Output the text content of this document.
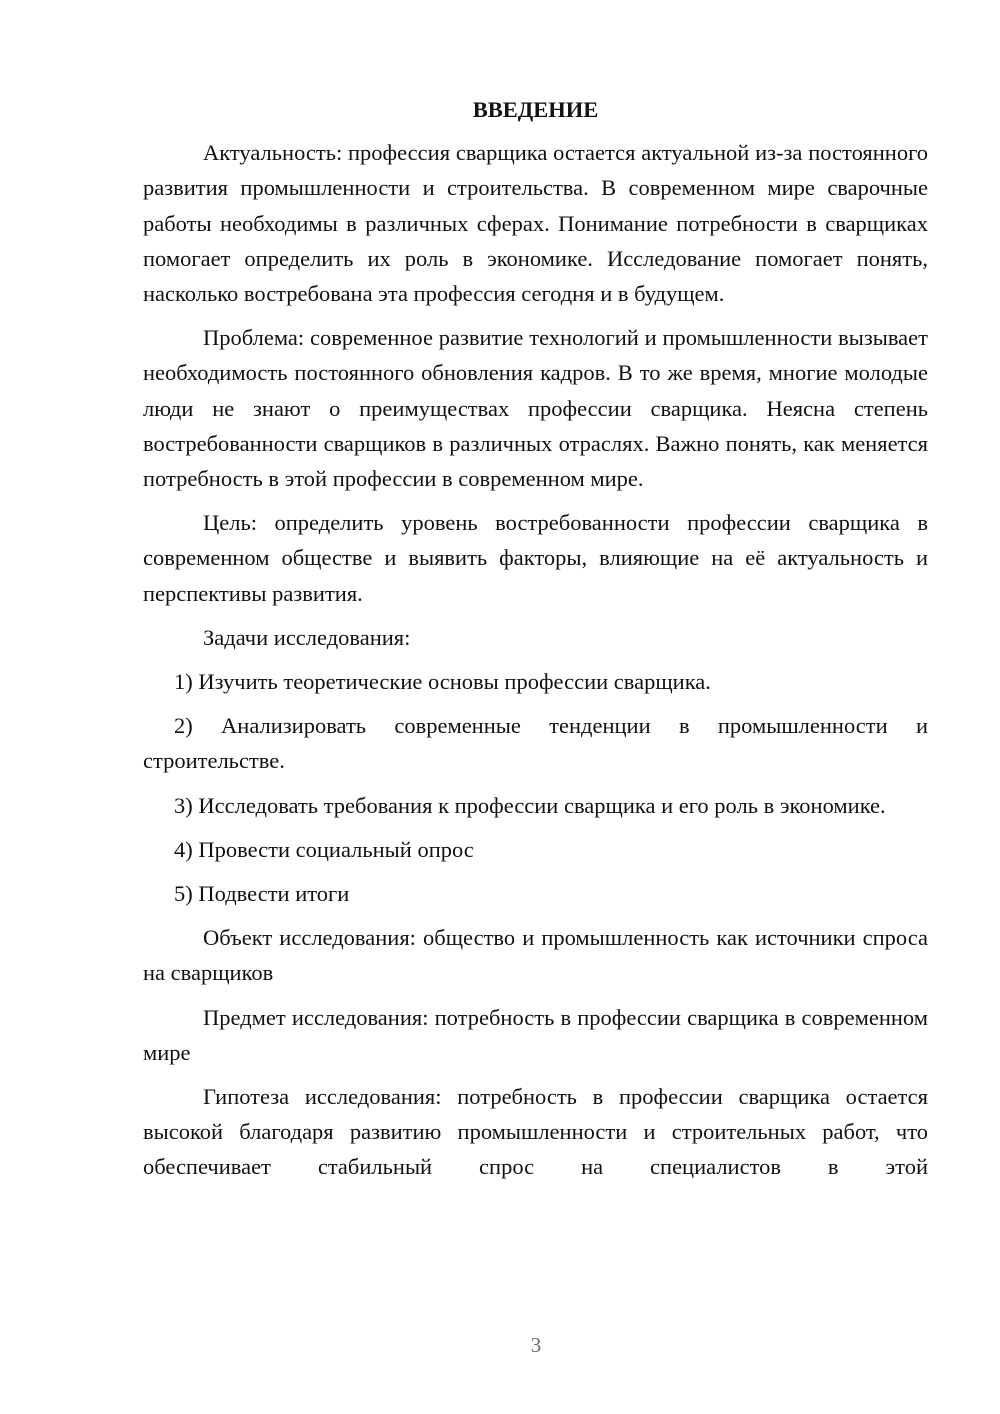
ВВЕДЕНИЕ

Актуальность: профессия сварщика остается актуальной из-за постоянного развития промышленности и строительства. В современном мире сварочные работы необходимы в различных сферах. Понимание потребности в сварщиках помогает определить их роль в экономике. Исследование помогает понять, насколько востребована эта профессия сегодня и в будущем.

Проблема: современное развитие технологий и промышленности вызывает необходимость постоянного обновления кадров. В то же время, многие молодые люди не знают о преимуществах профессии сварщика. Неясна степень востребованности сварщиков в различных отраслях. Важно понять, как меняется потребность в этой профессии в современном мире.

Цель: определить уровень востребованности профессии сварщика в современном обществе и выявить факторы, влияющие на её актуальность и перспективы развития.

Задачи исследования:

1) Изучить теоретические основы профессии сварщика.

2) Анализировать современные тенденции в промышленности и строительстве.

3) Исследовать требования к профессии сварщика и его роль в экономике.

4) Провести социальный опрос

5) Подвести итоги

Объект исследования: общество и промышленность как источники спроса на сварщиков

Предмет исследования: потребность в профессии сварщика в современном мире

Гипотеза исследования: потребность в профессии сварщика остается высокой благодаря развитию промышленности и строительных работ, что обеспечивает стабильный спрос на специалистов в этой

3
